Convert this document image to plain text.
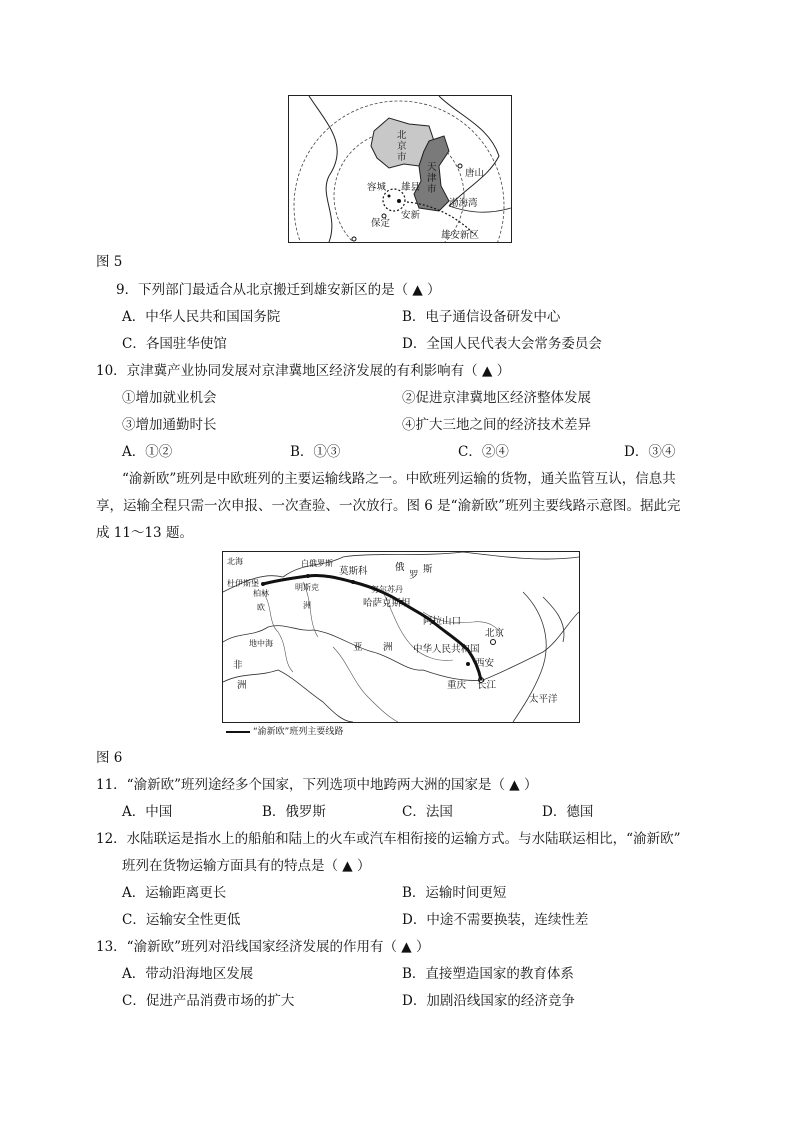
北
京
市
天
津
市
唐山
容城 雄县
安新
保定
渤海湾
雄安新区
图 5
9．下列部门最适合从北京搬迁到雄安新区的是（ ▲ ）
A．中华人民共和国国务院	B．电子通信设备研发中心
C．各国驻华使馆	D．全国人民代表大会常务委员会
10．京津冀产业协同发展对京津冀地区经济发展的有利影响有（ ▲ ）
①增加就业机会	②促进京津冀地区经济整体发展
③增加通勤时长	④扩大三地之间的经济技术差异
A．①②	B．①③	C．②④	D．③④
“渝新欧”班列是中欧班列的主要运输线路之一。中欧班列运输的货物，通关监管互认，信息共
享，运输全程只需一次申报、一次查验、一次放行。图 6 是“渝新欧”班列主要线路示意图。据此完
成 11～13 题。
北海
杜伊斯堡
白俄罗斯
莫斯科	俄
罗
斯
柏林
明斯克
欧	洲
努尔苏丹
哈萨克斯坦
阿拉山口
北京
中华人民共和国
西安
重庆 长江
太平洋
非
洲
地中海	亚 洲
“渝新欧”班列主要线路
图 6
11．“渝新欧”班列途经多个国家，下列选项中地跨两大洲的国家是（ ▲ ）
A．中国	B．俄罗斯	C．法国	D．德国
12．水陆联运是指水上的船舶和陆上的火车或汽车相衔接的运输方式。与水陆联运相比，“渝新欧”
班列在货物运输方面具有的特点是（ ▲ ）
A．运输距离更长	B．运输时间更短
C．运输安全性更低	D．中途不需要换装，连续性差
13．“渝新欧”班列对沿线国家经济发展的作用有（ ▲ ）
A．带动沿海地区发展	B．直接塑造国家的教育体系
C．促进产品消费市场的扩大	D．加剧沿线国家的经济竞争
